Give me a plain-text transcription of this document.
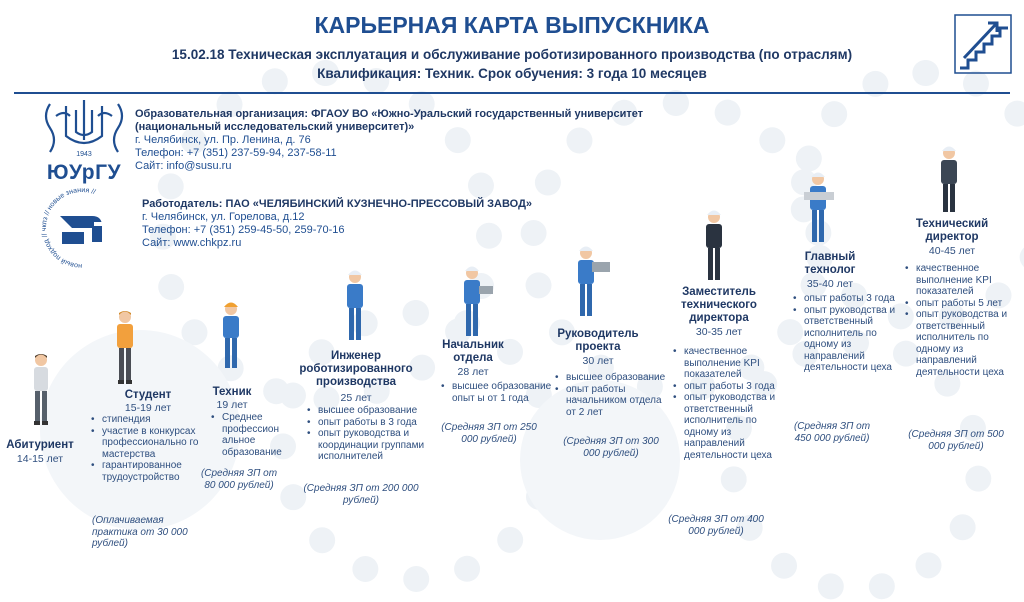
КАРЬЕРНАЯ КАРТА ВЫПУСКНИКА
15.02.18 Техническая эксплуатация и обслуживание роботизированного производства (по отраслям)
Квалификация: Техник. Срок обучения: 3 года 10 месяцев
1943
ЮУрГУ
Образовательная организация: ФГАОУ ВО «Южно-Уральский государственный университет
(национальный исследовательский университет)»
г. Челябинск, ул. Пр. Ленина, д. 76
Телефон: +7 (351) 237-59-94, 237-58-11
Сайт: info@susu.ru
новый подход // чкпз // новые знания //
Работодатель: ПАО «ЧЕЛЯБИНСКИЙ КУЗНЕЧНО-ПРЕССОВЫЙ ЗАВОД»
г. Челябинск, ул. Горелова, д.12
Телефон: +7 (351) 259-45-50, 259-70-16
Сайт: www.chkpz.ru
Абитуриент
14-15 лет
Студент
15-19 лет
• стипендия
• участие в конкурсах профессионально го мастерства
• гарантированное трудоустройство
(Оплачиваемая практика от 30 000 рублей)
Техник
19 лет
• Среднее профессион альное образование
(Средняя ЗП от 80 000 рублей)
Инженер роботизированного производства
25 лет
• высшее образование
• опыт работы в 3 года
• опыт руководства и координации группами исполнителей
(Средняя ЗП от 200 000 рублей)
Начальник отдела
28 лет
• высшее образование опыт ы от 1 года
(Средняя ЗП от 250 000 рублей)
Руководитель проекта
30 лет
• высшее образование
• опыт работы начальником отдела от 2 лет
(Средняя ЗП от 300 000 рублей)
Заместитель технического директора
30-35 лет
• качественное выполнение KPI показателей
• опыт работы 3 года
• опыт руководства и ответственный исполнитель по одному из направлений деятельности цеха
(Средняя ЗП от 400 000 рублей)
Главный технолог
35-40 лет
• опыт работы 3 года
• опыт руководства и ответственный исполнитель по одному из направлений деятельности цеха
(Средняя ЗП от 450 000 рублей)
Технический директор
40-45 лет
• качественное выполнение KPI показателей
• опыт работы 5 лет
• опыт руководства и ответственный исполнитель по одному из направлений деятельности цеха
(Средняя ЗП от 500 000 рублей)
